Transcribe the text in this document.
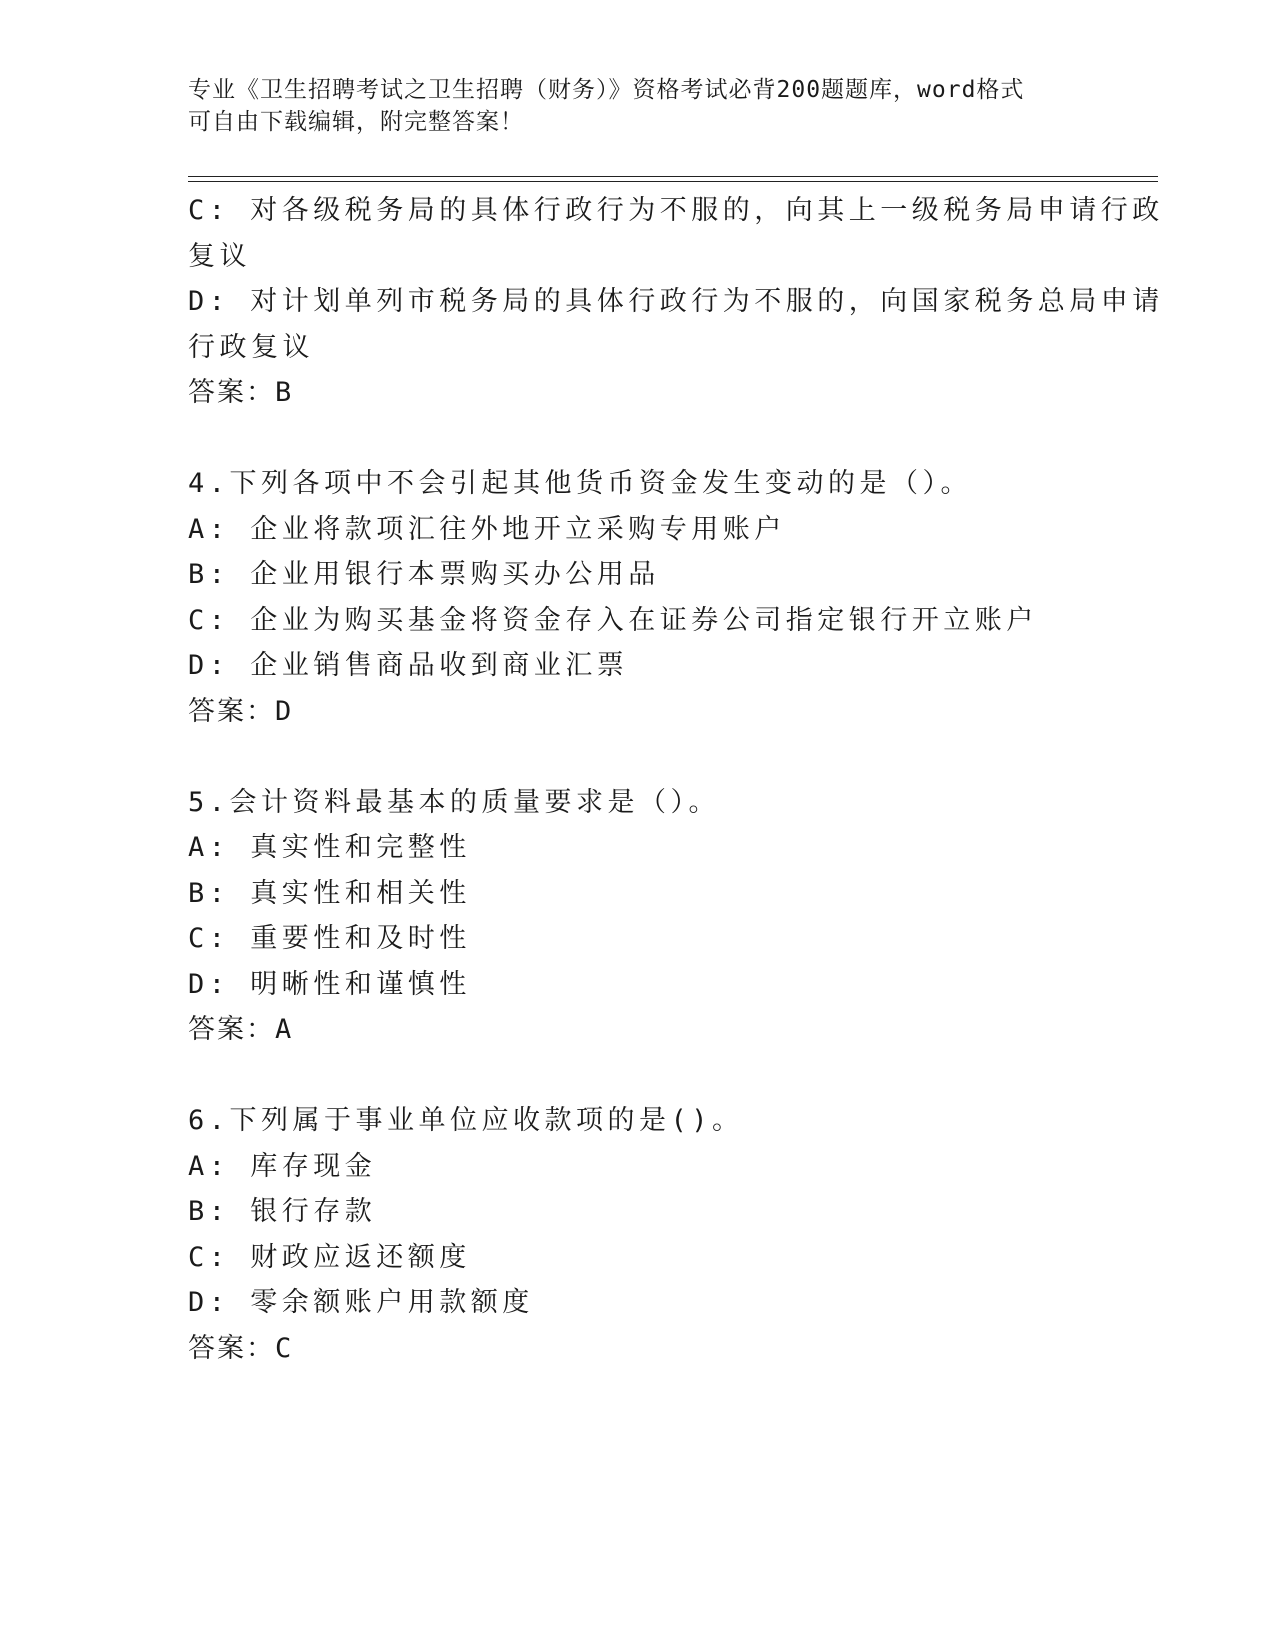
专业《卫生招聘考试之卫生招聘（财务）》资格考试必背200题题库，word格式
可自由下载编辑，附完整答案！
C: 对各级税务局的具体行政行为不服的，向其上一级税务局申请行政
复议
D: 对计划单列市税务局的具体行政行为不服的，向国家税务总局申请
行政复议
答案：B
4.下列各项中不会引起其他货币资金发生变动的是（）。
A: 企业将款项汇往外地开立采购专用账户
B: 企业用银行本票购买办公用品
C: 企业为购买基金将资金存入在证券公司指定银行开立账户
D: 企业销售商品收到商业汇票
答案：D
5.会计资料最基本的质量要求是（）。
A: 真实性和完整性
B: 真实性和相关性
C: 重要性和及时性
D: 明晰性和谨慎性
答案：A
6.下列属于事业单位应收款项的是()。
A: 库存现金
B: 银行存款
C: 财政应返还额度
D: 零余额账户用款额度
答案：C
